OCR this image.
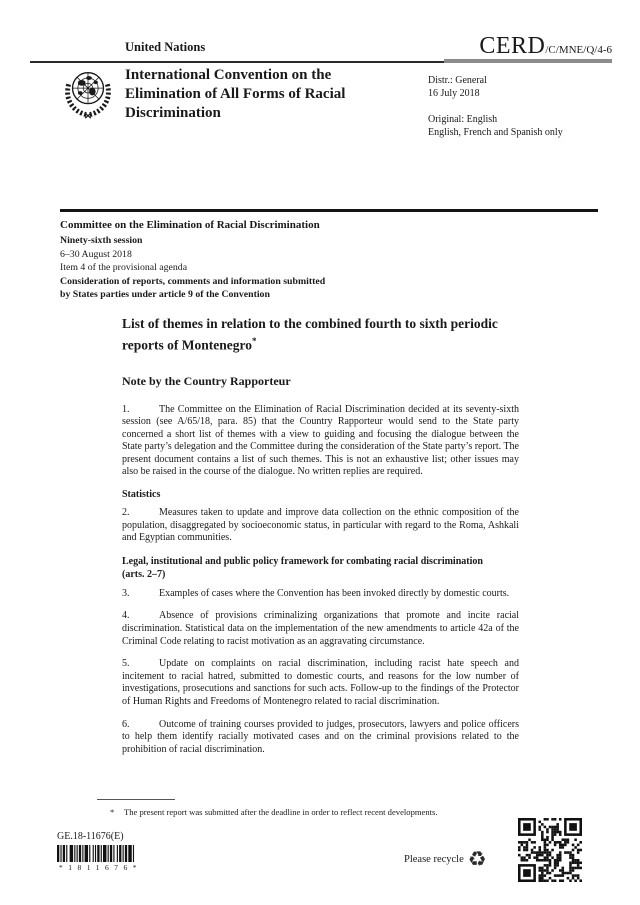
United Nations	CERD/C/MNE/Q/4-6
International Convention on the Elimination of All Forms of Racial Discrimination
Distr.: General
16 July 2018
Original: English
English, French and Spanish only
Committee on the Elimination of Racial Discrimination
Ninety-sixth session
6–30 August 2018
Item 4 of the provisional agenda
Consideration of reports, comments and information submitted
by States parties under article 9 of the Convention
List of themes in relation to the combined fourth to sixth periodic reports of Montenegro*
Note by the Country Rapporteur

1.	The Committee on the Elimination of Racial Discrimination decided at its seventy-sixth session (see A/65/18, para. 85) that the Country Rapporteur would send to the State party concerned a short list of themes with a view to guiding and focusing the dialogue between the State party’s delegation and the Committee during the consideration of the State party’s report. The present document contains a list of such themes. This is not an exhaustive list; other issues may also be raised in the course of the dialogue. No written replies are required.

Statistics

2.	Measures taken to update and improve data collection on the ethnic composition of the population, disaggregated by socioeconomic status, in particular with regard to the Roma, Ashkali and Egyptian communities.

Legal, institutional and public policy framework for combating racial discrimination
(arts. 2–7)

3.	Examples of cases where the Convention has been invoked directly by domestic courts.

4.	Absence of provisions criminalizing organizations that promote and incite racial discrimination. Statistical data on the implementation of the new amendments to article 42a of the Criminal Code relating to racist motivation as an aggravating circumstance.

5.	Update on complaints on racial discrimination, including racist hate speech and incitement to racial hatred, submitted to domestic courts, and reasons for the low number of investigations, prosecutions and sanctions for such acts. Follow-up to the findings of the Protector of Human Rights and Freedoms of Montenegro related to racial discrimination.

6.	Outcome of training courses provided to judges, prosecutors, lawyers and police officers to help them identify racially motivated cases and on the criminal provisions related to the prohibition of racial discrimination.

*	The present report was submitted after the deadline in order to reflect recent developments.
GE.18-11676(E)
*1811676*
Please recycle ♻
